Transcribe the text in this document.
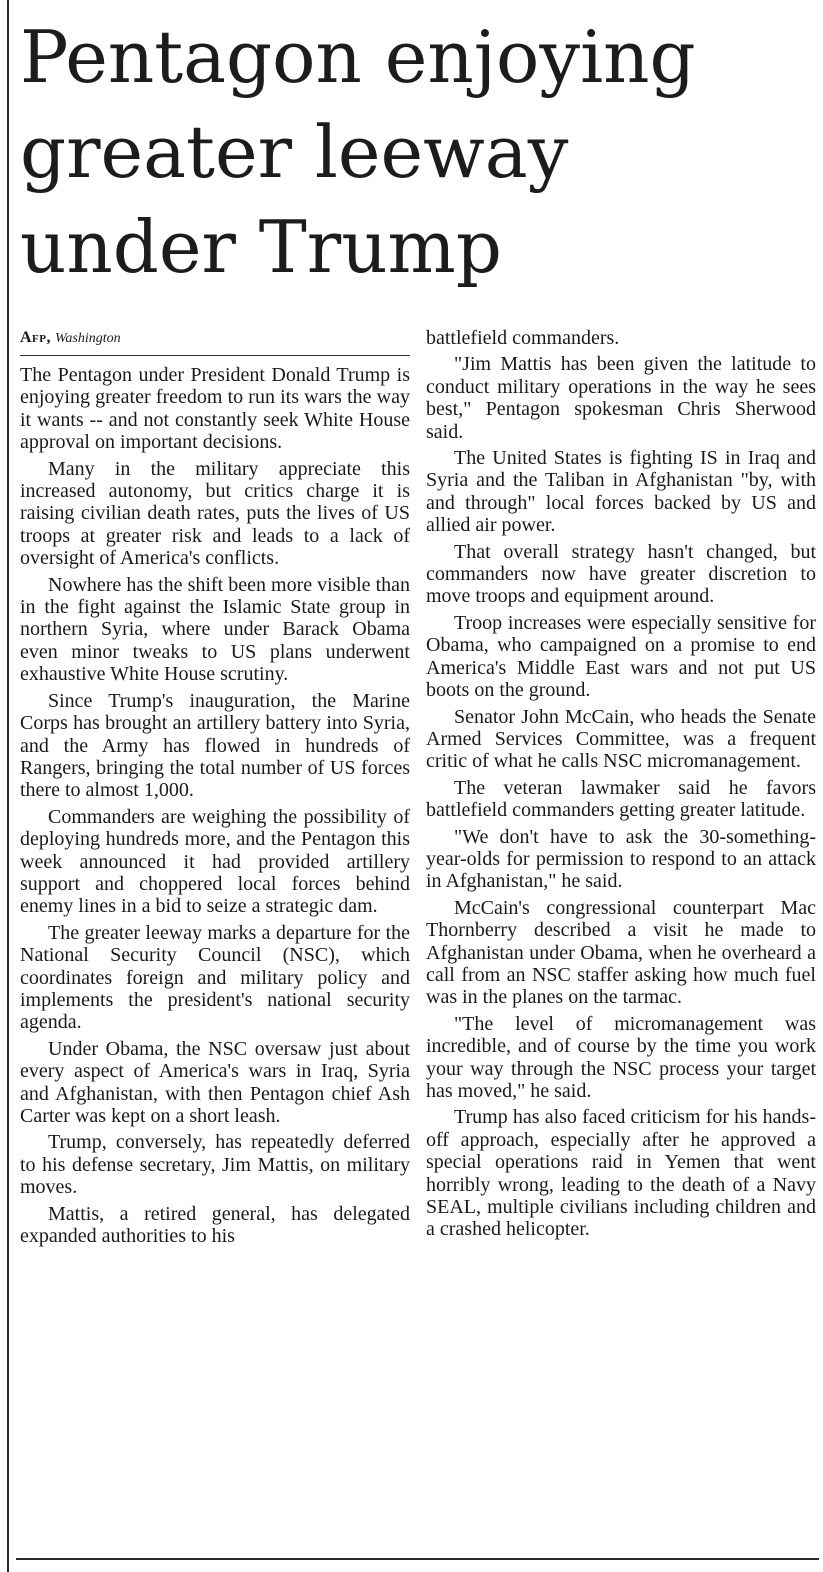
Pentagon enjoying
greater leeway
under Trump
Afp, Washington

The Pentagon under President Donald Trump is enjoying greater freedom to run its wars the way it wants -- and not constantly seek White House approval on important decisions.

Many in the military appreciate this increased autonomy, but critics charge it is raising civilian death rates, puts the lives of US troops at greater risk and leads to a lack of oversight of America's conflicts.

Nowhere has the shift been more visible than in the fight against the Islamic State group in northern Syria, where under Barack Obama even minor tweaks to US plans underwent exhaustive White House scrutiny.

Since Trump's inauguration, the Marine Corps has brought an artillery battery into Syria, and the Army has flowed in hundreds of Rangers, bringing the total number of US forces there to almost 1,000.

Commanders are weighing the possibility of deploying hundreds more, and the Pentagon this week announced it had provided artillery support and choppered local forces behind enemy lines in a bid to seize a strategic dam.

The greater leeway marks a departure for the National Security Council (NSC), which coordinates foreign and military policy and implements the president's national security agenda.

Under Obama, the NSC oversaw just about every aspect of America's wars in Iraq, Syria and Afghanistan, with then Pentagon chief Ash Carter was kept on a short leash.

Trump, conversely, has repeatedly deferred to his defense secretary, Jim Mattis, on military moves.

Mattis, a retired general, has delegated expanded authorities to his

battlefield commanders.

"Jim Mattis has been given the latitude to conduct military operations in the way he sees best," Pentagon spokesman Chris Sherwood said.

The United States is fighting IS in Iraq and Syria and the Taliban in Afghanistan "by, with and through" local forces backed by US and allied air power.

That overall strategy hasn't changed, but commanders now have greater discretion to move troops and equipment around.

Troop increases were especially sensitive for Obama, who campaigned on a promise to end America's Middle East wars and not put US boots on the ground.

Senator John McCain, who heads the Senate Armed Services Committee, was a frequent critic of what he calls NSC micromanagement.

The veteran lawmaker said he favors battlefield commanders getting greater latitude.

"We don't have to ask the 30-something-year-olds for permission to respond to an attack in Afghanistan," he said.

McCain's congressional counterpart Mac Thornberry described a visit he made to Afghanistan under Obama, when he overheard a call from an NSC staffer asking how much fuel was in the planes on the tarmac.

"The level of micromanagement was incredible, and of course by the time you work your way through the NSC process your target has moved," he said.

Trump has also faced criticism for his hands-off approach, especially after he approved a special operations raid in Yemen that went horribly wrong, leading to the death of a Navy SEAL, multiple civilians including children and a crashed helicopter.
